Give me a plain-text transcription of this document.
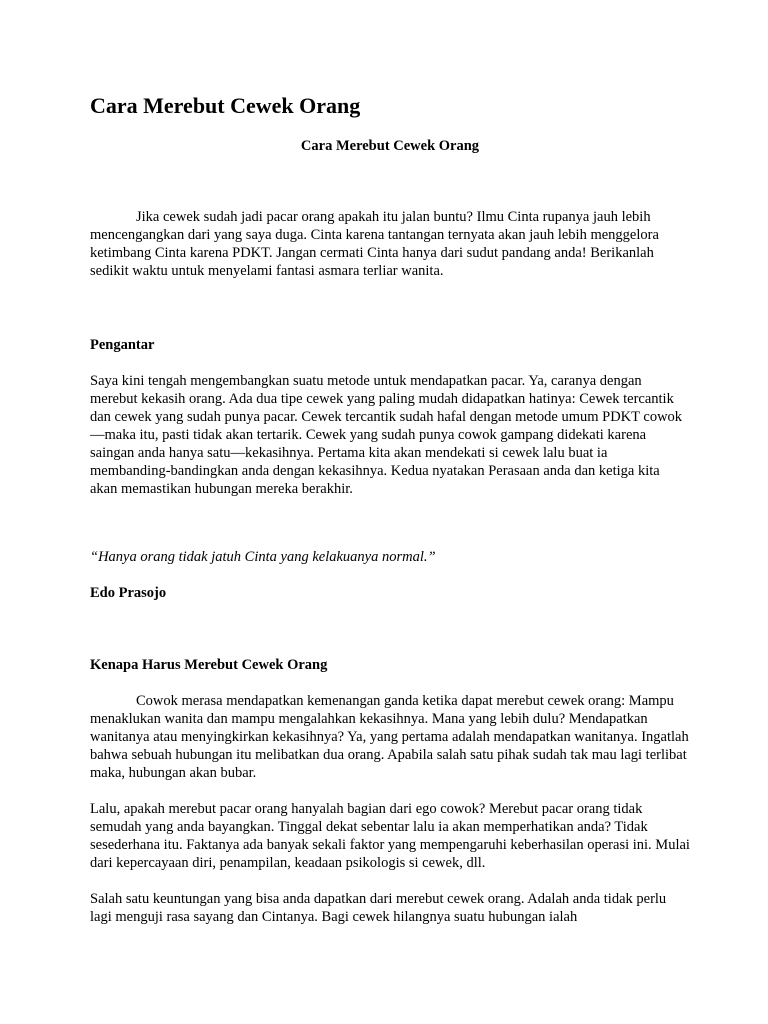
Cara Merebut Cewek Orang
Cara Merebut Cewek Orang

Jika cewek sudah jadi pacar orang apakah itu jalan buntu? Ilmu Cinta rupanya jauh lebih mencengangkan dari yang saya duga. Cinta karena tantangan ternyata akan jauh lebih menggelora ketimbang Cinta karena PDKT. Jangan cermati Cinta hanya dari sudut pandang anda! Berikanlah sedikit waktu untuk menyelami fantasi asmara terliar wanita.

Pengantar

Saya kini tengah mengembangkan suatu metode untuk mendapatkan pacar. Ya, caranya dengan merebut kekasih orang. Ada dua tipe cewek yang paling mudah didapatkan hatinya: Cewek tercantik dan cewek yang sudah punya pacar. Cewek tercantik sudah hafal dengan metode umum PDKT cowok—maka itu, pasti tidak akan tertarik. Cewek yang sudah punya cowok gampang didekati karena saingan anda hanya satu—kekasihnya. Pertama kita akan mendekati si cewek lalu buat ia membanding-bandingkan anda dengan kekasihnya. Kedua nyatakan Perasaan anda dan ketiga kita akan memastikan hubungan mereka berakhir.

“Hanya orang tidak jatuh Cinta yang kelakuanya normal.”

Edo Prasojo
Kenapa Harus Merebut Cewek Orang

Cowok merasa mendapatkan kemenangan ganda ketika dapat merebut cewek orang: Mampu menaklukan wanita dan mampu mengalahkan kekasihnya. Mana yang lebih dulu? Mendapatkan wanitanya atau menyingkirkan kekasihnya? Ya, yang pertama adalah mendapatkan wanitanya. Ingatlah bahwa sebuah hubungan itu melibatkan dua orang. Apabila salah satu pihak sudah tak mau lagi terlibat maka, hubungan akan bubar.

Lalu, apakah merebut pacar orang hanyalah bagian dari ego cowok? Merebut pacar orang tidak semudah yang anda bayangkan. Tinggal dekat sebentar lalu ia akan memperhatikan anda? Tidak sesederhana itu. Faktanya ada banyak sekali faktor yang mempengaruhi keberhasilan operasi ini. Mulai dari kepercayaan diri, penampilan, keadaan psikologis si cewek, dll.

Salah satu keuntungan yang bisa anda dapatkan dari merebut cewek orang. Adalah anda tidak perlu lagi menguji rasa sayang dan Cintanya. Bagi cewek hilangnya suatu hubungan ialah
